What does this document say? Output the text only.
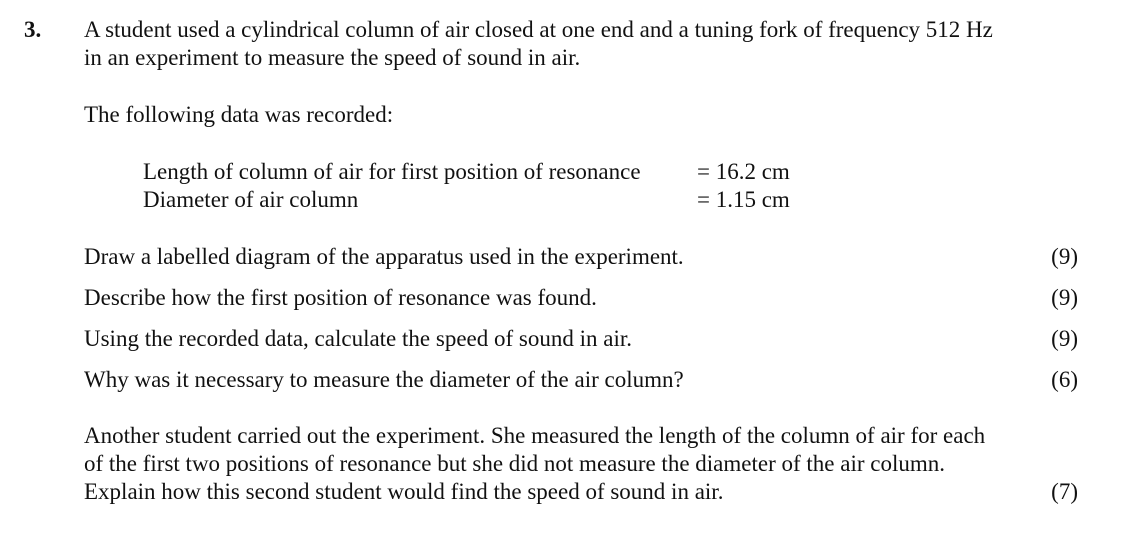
3. A student used a cylindrical column of air closed at one end and a tuning fork of frequency 512 Hz
in an experiment to measure the speed of sound in air.
The following data was recorded:
Length of column of air for first position of resonance	= 16.2 cm
Diameter of air column	= 1.15 cm
Draw a labelled diagram of the apparatus used in the experiment.	(9)
Describe how the first position of resonance was found.	(9)
Using the recorded data, calculate the speed of sound in air.	(9)
Why was it necessary to measure the diameter of the air column?	(6)
Another student carried out the experiment. She measured the length of the column of air for each
of the first two positions of resonance but she did not measure the diameter of the air column.
Explain how this second student would find the speed of sound in air.	(7)
